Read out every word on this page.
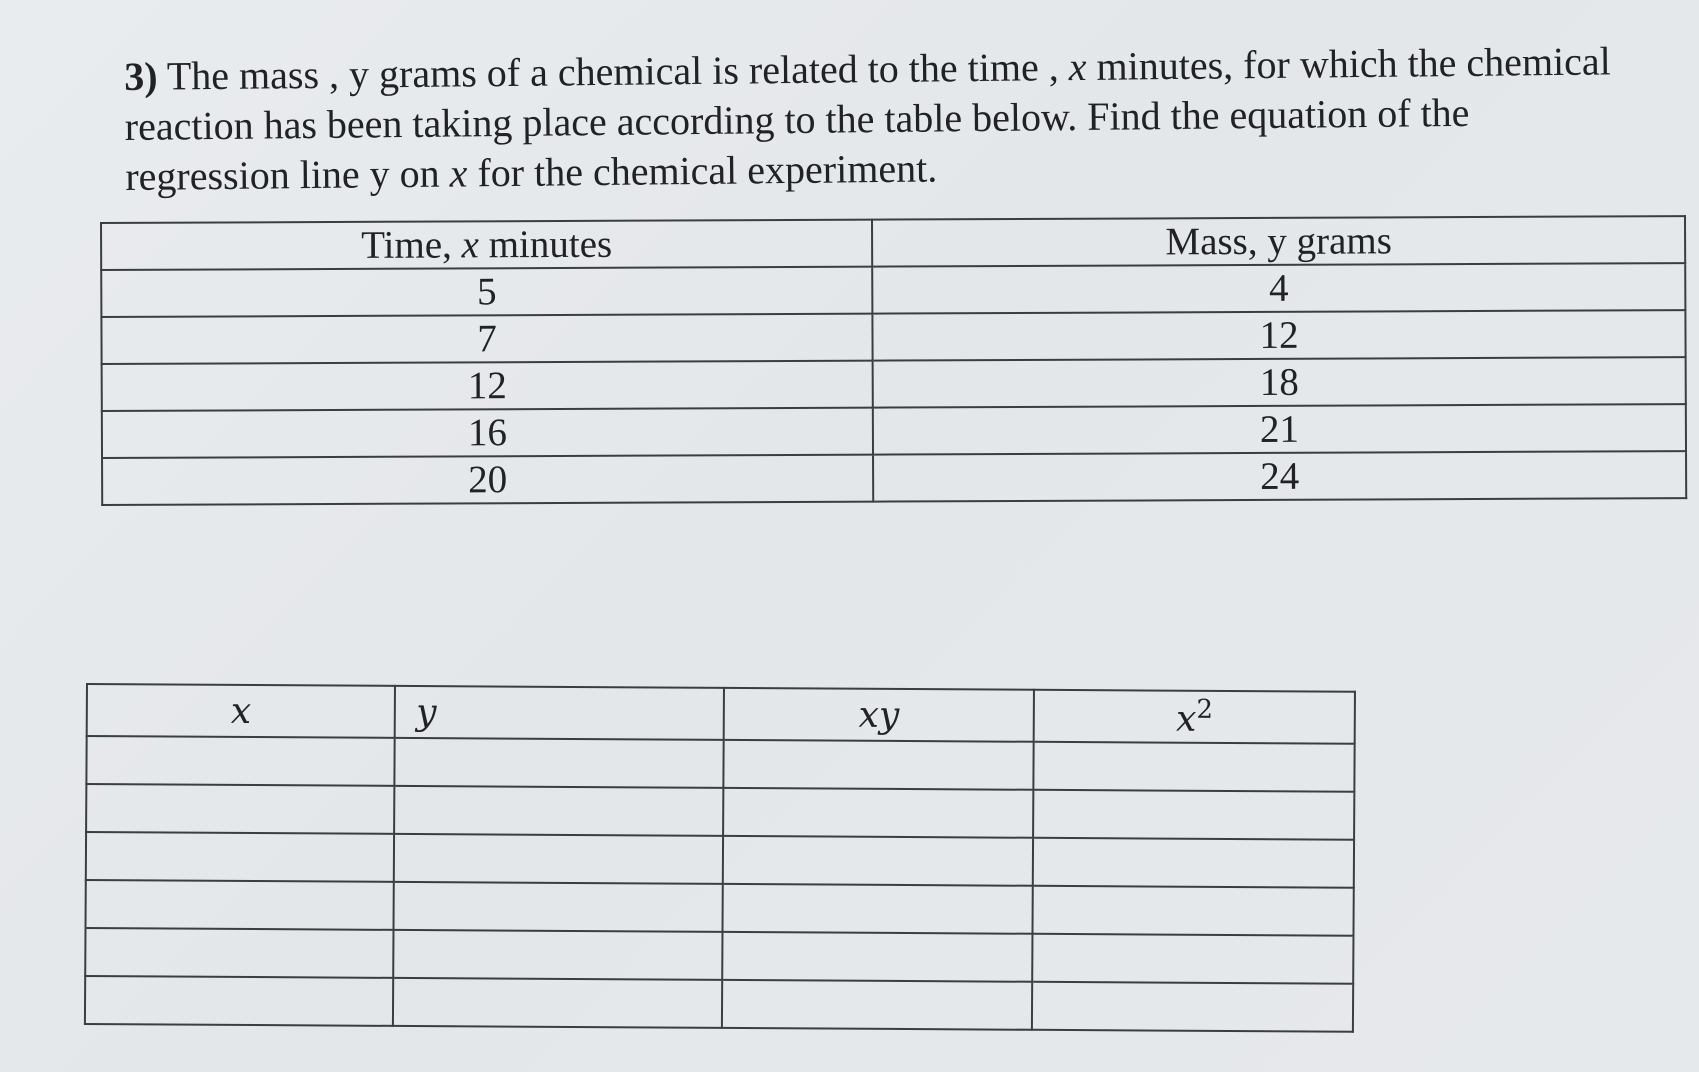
3) The mass , y grams of a chemical is related to the time , x minutes, for which the chemical
reaction has been taking place according to the table below. Find the equation of the
regression line y on x for the chemical experiment.

Time, x minutes	Mass, y grams
5	4
7	12
12	18
16	21
20	24
x	y	xy	$x^2$
